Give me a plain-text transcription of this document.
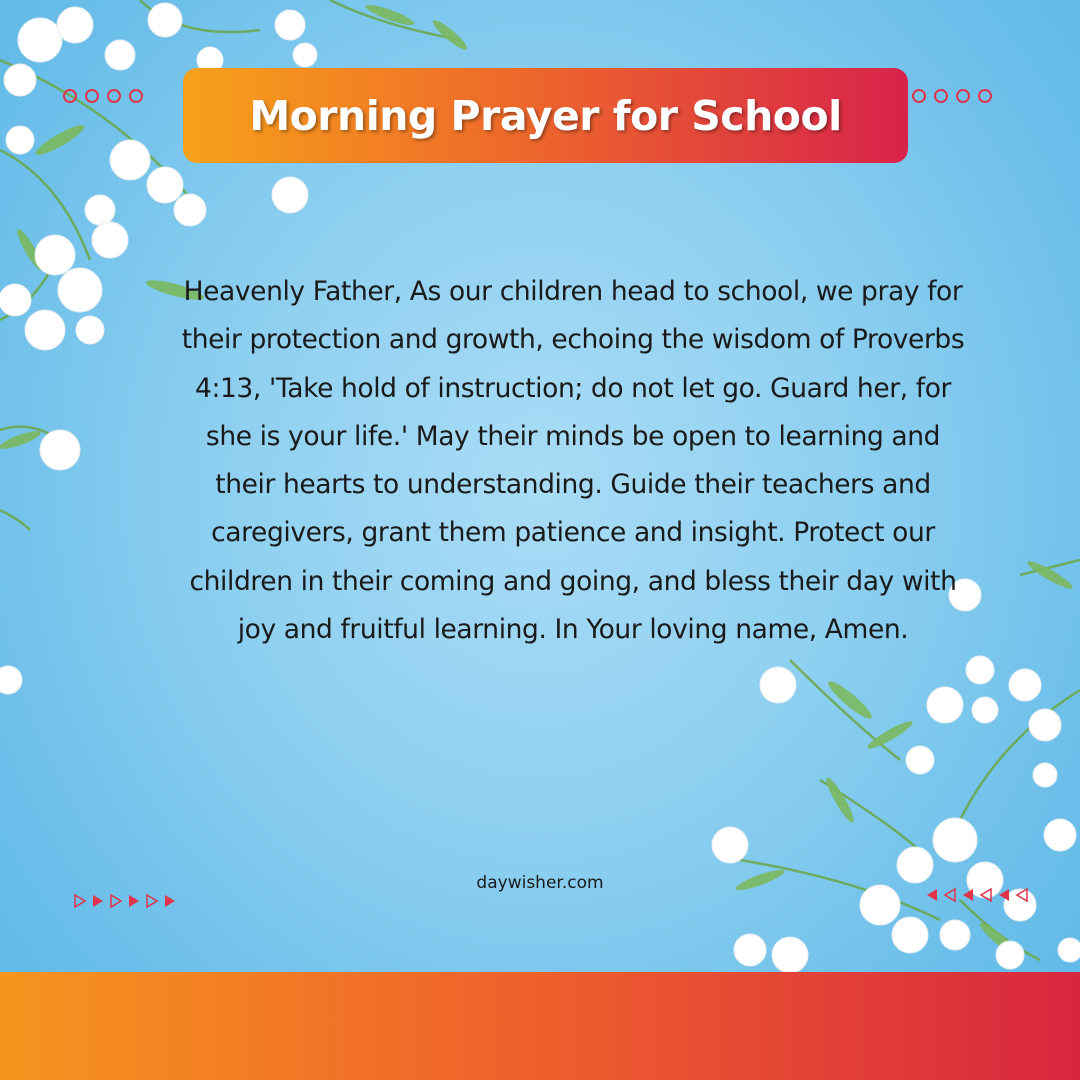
Morning Prayer for School
Heavenly Father, As our children head to school, we pray for their protection and growth, echoing the wisdom of Proverbs 4:13, 'Take hold of instruction; do not let go. Guard her, for she is your life.' May their minds be open to learning and their hearts to understanding. Guide their teachers and caregivers, grant them patience and insight. Protect our children in their coming and going, and bless their day with joy and fruitful learning. In Your loving name, Amen.
daywisher.com
